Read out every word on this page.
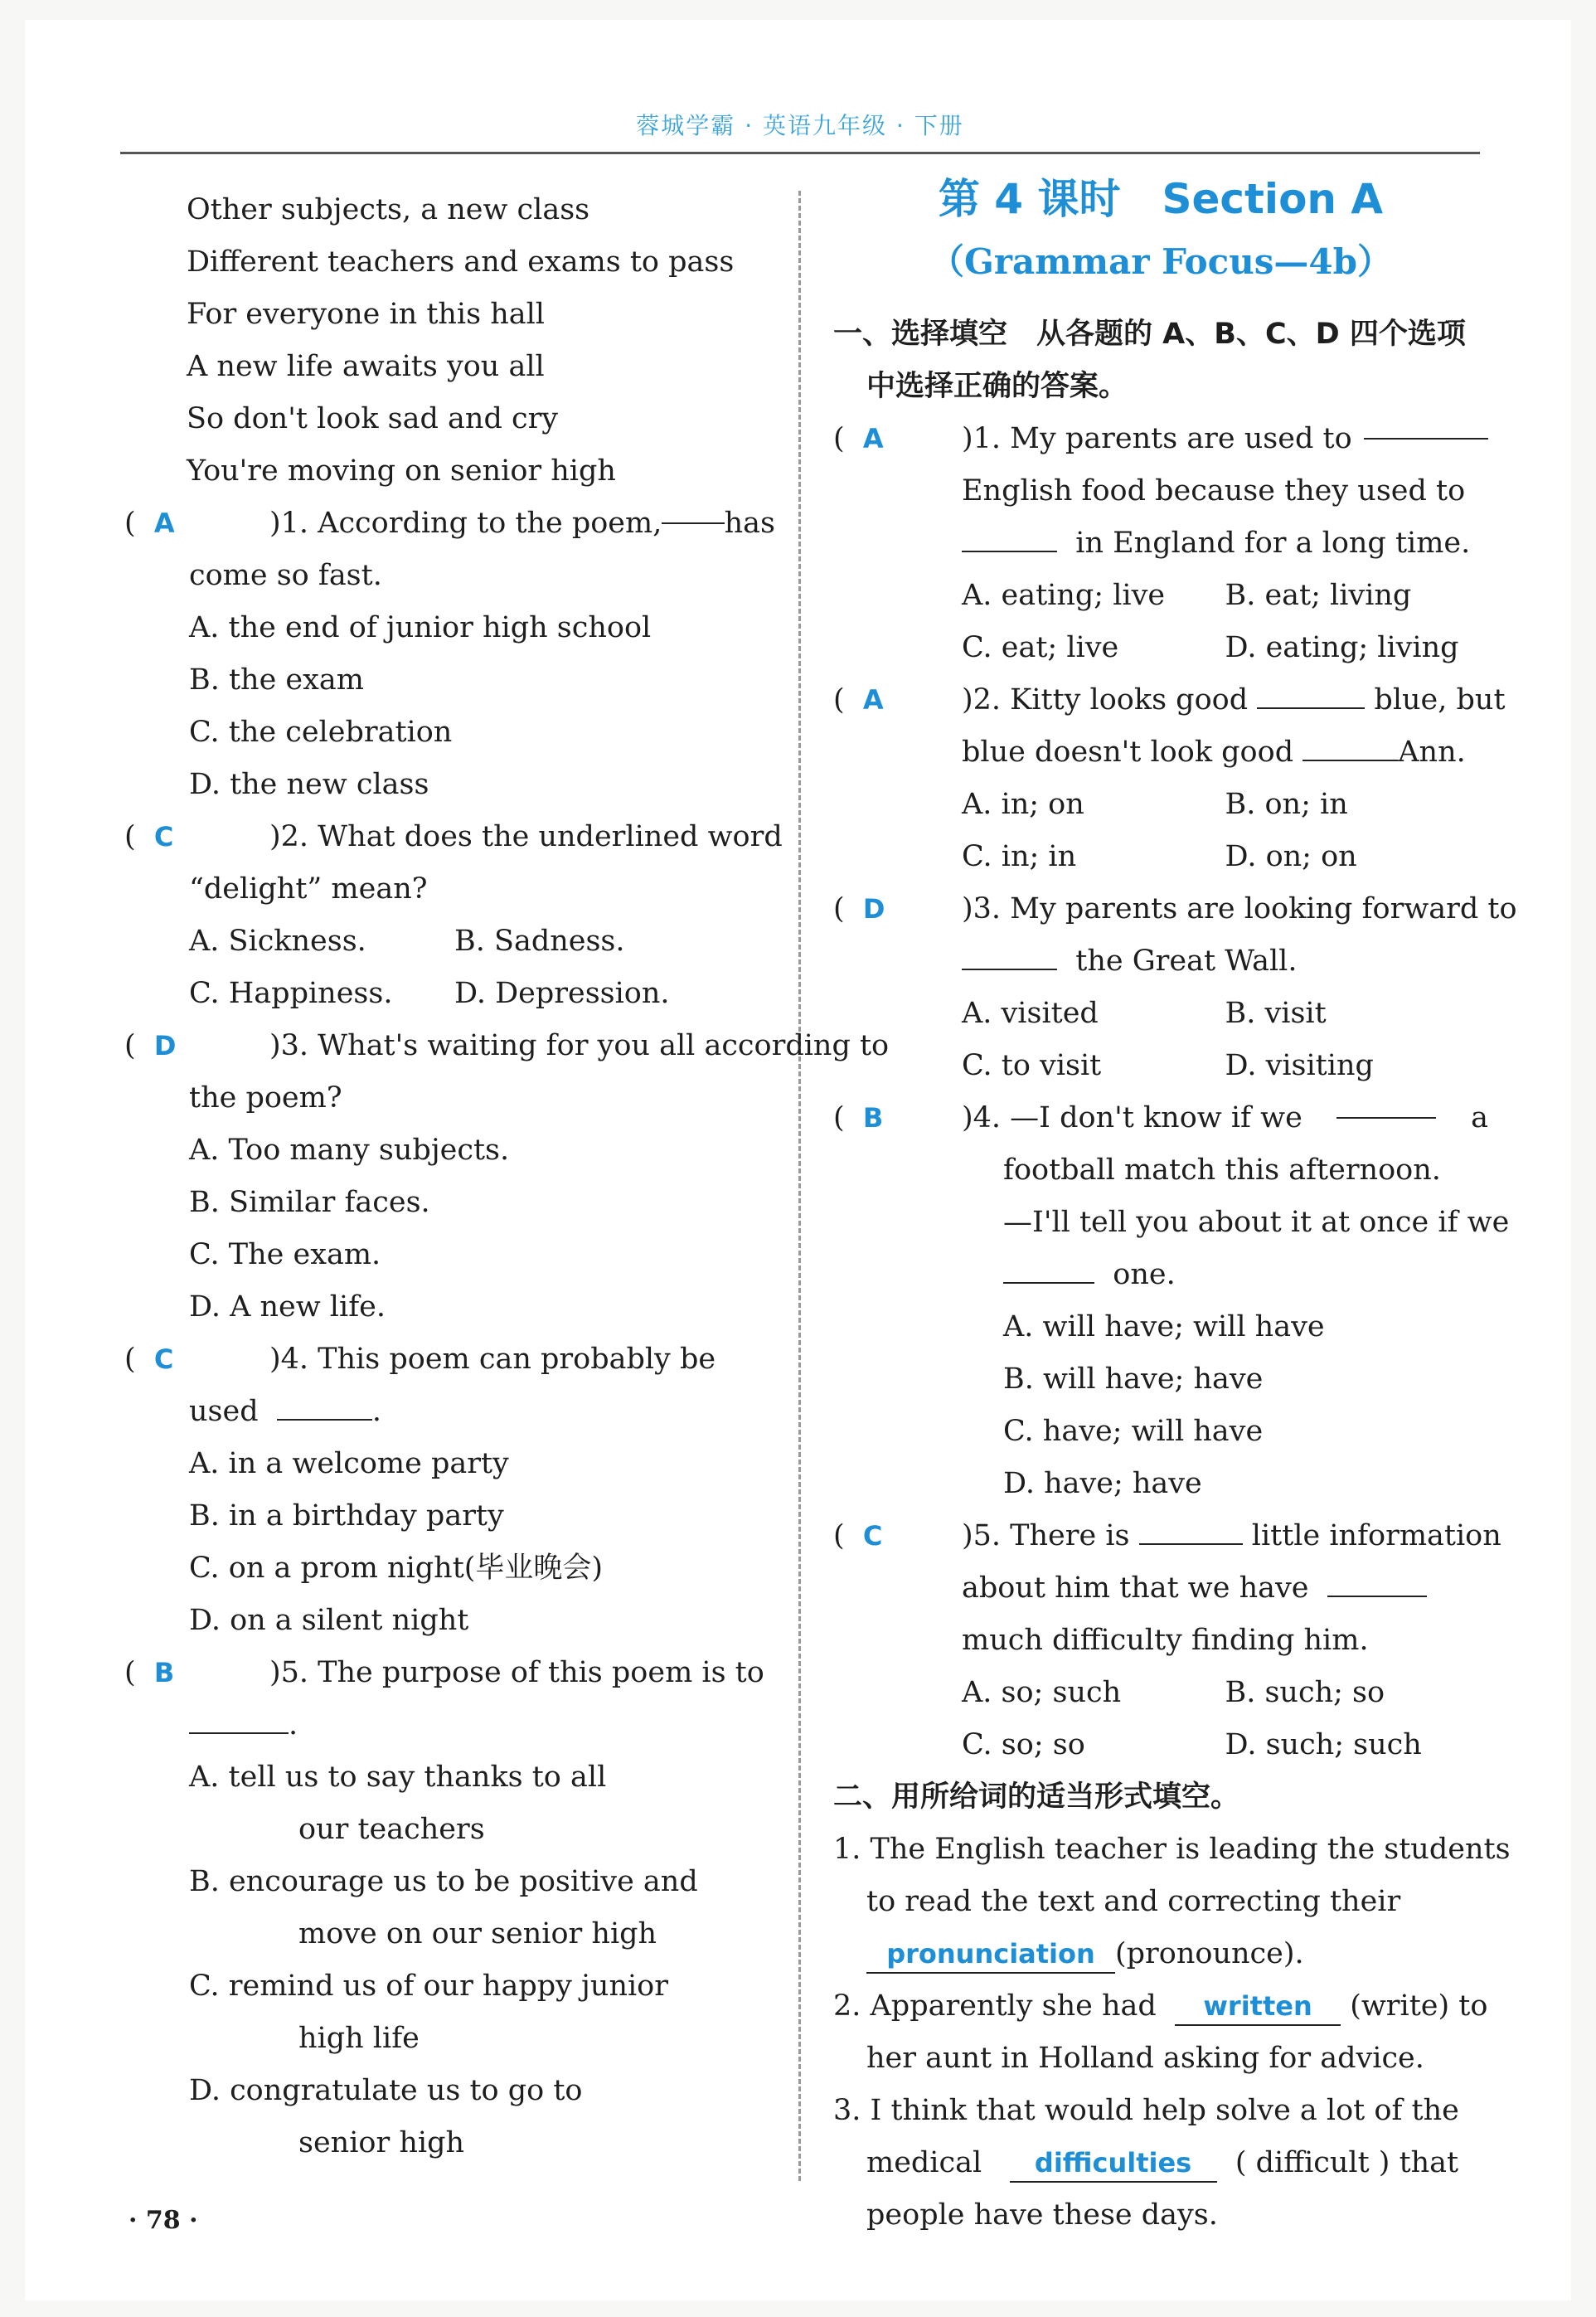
蓉城学霸 · 英语九年级 · 下册
Other subjects, a new class
Different teachers and exams to pass
For everyone in this hall
A new life awaits you all
So don't look sad and cry
You're moving on senior high
(  A	)1. According to the poem, has
come so fast.
A. the end of junior high school
B. the exam
C. the celebration
D. the new class
(  C	)2. What does the underlined word
“delight” mean?
A. Sickness.	B. Sadness.
C. Happiness.	D. Depression.
(  D	)3. What's waiting for you all according to
the poem?
A. Too many subjects.
B. Similar faces.
C. The exam.
D. A new life.
(  C	)4. This poem can probably be
used	.
A. in a welcome party
B. in a birthday party
C. on a prom night(毕业晚会)
D. on a silent night
(  B	)5. The purpose of this poem is to
.
A. tell us to say thanks to all
our teachers
B. encourage us to be positive and
move on our senior high
C. remind us of our happy junior
high life
D. congratulate us to go to
senior high
第 4 课时　Section A
（Grammar Focus—4b）
一、选择填空　从各题的 A、B、C、D 四个选项
中选择正确的答案。
(  A	)1. My parents are used to
English food because they used to
in England for a long time.
A. eating; live	B. eat; living
C. eat; live	D. eating; living
(  A	)2. Kitty looks good	blue, but
blue doesn't look good	Ann.
A. in; on	B. on; in
C. in; in	D. on; on
(  D	)3. My parents are looking forward to
the Great Wall.
A. visited	B. visit
C. to visit	D. visiting
(  B	)4. —I don't know if we	a
football match this afternoon.
—I'll tell you about it at once if we
one.
A. will have; will have
B. will have; have
C. have; will have
D. have; have
(  C	)5. There is	little information
about him that we have
much difficulty finding him.
A. so; such	B. such; so
C. so; so	D. such; such
二、用所给词的适当形式填空。
1. The English teacher is leading the students
to read the text and correcting their
pronunciation (pronounce).
2. Apparently she had written (write) to
her aunt in Holland asking for advice.
3. I think that would help solve a lot of the
medical difficulties ( difficult ) that
people have these days.
· 78 ·
